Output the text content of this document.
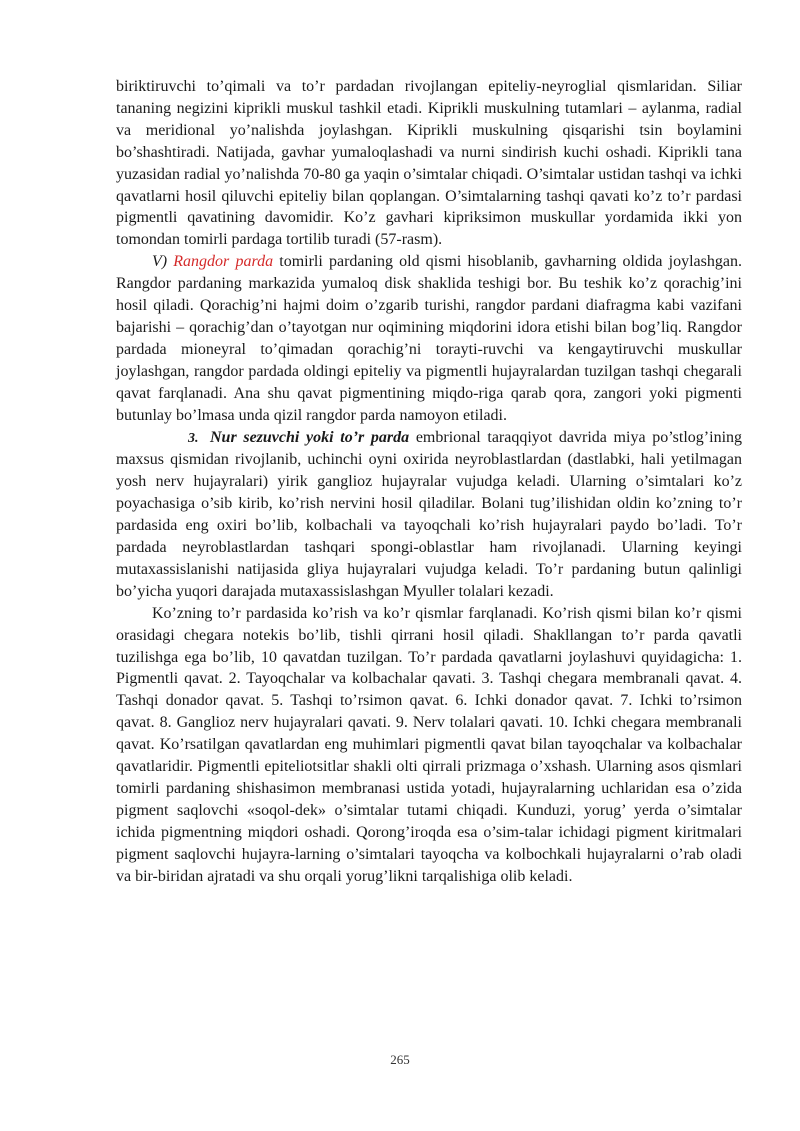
biriktiruvchi to’qimali va to’r pardadan rivojlangan epiteliy-neyroglial qismlaridan. Siliar tananing negizini kiprikli muskul tashkil etadi. Kiprikli muskulning tutamlari – aylanma, radial va meridional yo’nalishda joylashgan. Kiprikli muskulning qisqarishi tsin boylamini bo’shashtiradi. Natijada, gavhar yumaloqlashadi va nurni sindirish kuchi oshadi. Kiprikli tana yuzasidan radial yo’nalishda 70-80 ga yaqin o’simtalar chiqadi. O’simtalar ustidan tashqi va ichki qavatlarni hosil qiluvchi epiteliy bilan qoplangan. O’simtalarning tashqi qavati ko’z to’r pardasi pigmentli qavatining davomidir. Ko’z gavhari kipriksimon muskullar yordamida ikki yon tomondan tomirli pardaga tortilib turadi (57-rasm).

V) Rangdor parda tomirli pardaning old qismi hisoblanib, gavharning oldida joylashgan. Rangdor pardaning markazida yumaloq disk shaklida teshigi bor. Bu teshik ko’z qorachig’ini hosil qiladi. Qorachig’ni hajmi doim o’zgarib turishi, rangdor pardani diafragma kabi vazifani bajarishi – qorachig’dan o’tayotgan nur oqimining miqdorini idora etishi bilan bog’liq. Rangdor pardada mioneyral to’qimadan qorachig’ni torayti-ruvchi va kengaytiruvchi muskullar joylashgan, rangdor pardada oldingi epiteliy va pigmentli hujayralardan tuzilgan tashqi chegarali qavat farqlanadi. Ana shu qavat pigmentining miqdo-riga qarab qora, zangori yoki pigmenti butunlay bo’lmasa unda qizil rangdor parda namoyon etiladi.

3. Nur sezuvchi yoki to’r parda embrional taraqqiyot davrida miya po’stlog’ining maxsus qismidan rivojlanib, uchinchi oyni oxirida neyroblastlardan (dastlabki, hali yetilmagan yosh nerv hujayralari) yirik ganglioz hujayralar vujudga keladi. Ularning o’simtalari ko’z poyachasiga o’sib kirib, ko’rish nervini hosil qiladilar. Bolani tug’ilishidan oldin ko’zning to’r pardasida eng oxiri bo’lib, kolbachali va tayoqchali ko’rish hujayralari paydo bo’ladi. To’r pardada neyroblastlardan tashqari spongi-oblastlar ham rivojlanadi. Ularning keyingi mutaxassislanishi natijasida gliya hujayralari vujudga keladi. To’r pardaning butun qalinligi bo’yicha yuqori darajada mutaxassislashgan Myuller tolalari kezadi.

Ko’zning to’r pardasida ko’rish va ko’r qismlar farqlanadi. Ko’rish qismi bilan ko’r qismi orasidagi chegara notekis bo’lib, tishli qirrani hosil qiladi. Shakllangan to’r parda qavatli tuzilishga ega bo’lib, 10 qavatdan tuzilgan. To’r pardada qavatlarni joylashuvi quyidagicha: 1. Pigmentli qavat. 2. Tayoqchalar va kolbachalar qavati. 3. Tashqi chegara membranali qavat. 4. Tashqi donador qavat. 5. Tashqi to’rsimon qavat. 6. Ichki donador qavat. 7. Ichki to’rsimon qavat. 8. Ganglioz nerv hujayralari qavati. 9. Nerv tolalari qavati. 10. Ichki chegara membranali qavat. Ko’rsatilgan qavatlardan eng muhimlari pigmentli qavat bilan tayoqchalar va kolbachalar qavatlaridir. Pigmentli epiteliotsitlar shakli olti qirrali prizmaga o’xshash. Ularning asos qismlari tomirli pardaning shishasimon membranasi ustida yotadi, hujayralarning uchlaridan esa o’zida pigment saqlovchi «soqol-dek» o’simtalar tutami chiqadi. Kunduzi, yorug’ yerda o’simtalar ichida pigmentning miqdori oshadi. Qorong’iroqda esa o’sim-talar ichidagi pigment kiritmalari pigment saqlovchi hujayra-larning o’simtalari tayoqcha va kolbochkali hujayralarni o’rab oladi va bir-biridan ajratadi va shu orqali yorug’likni tarqalishiga olib keladi.

265
